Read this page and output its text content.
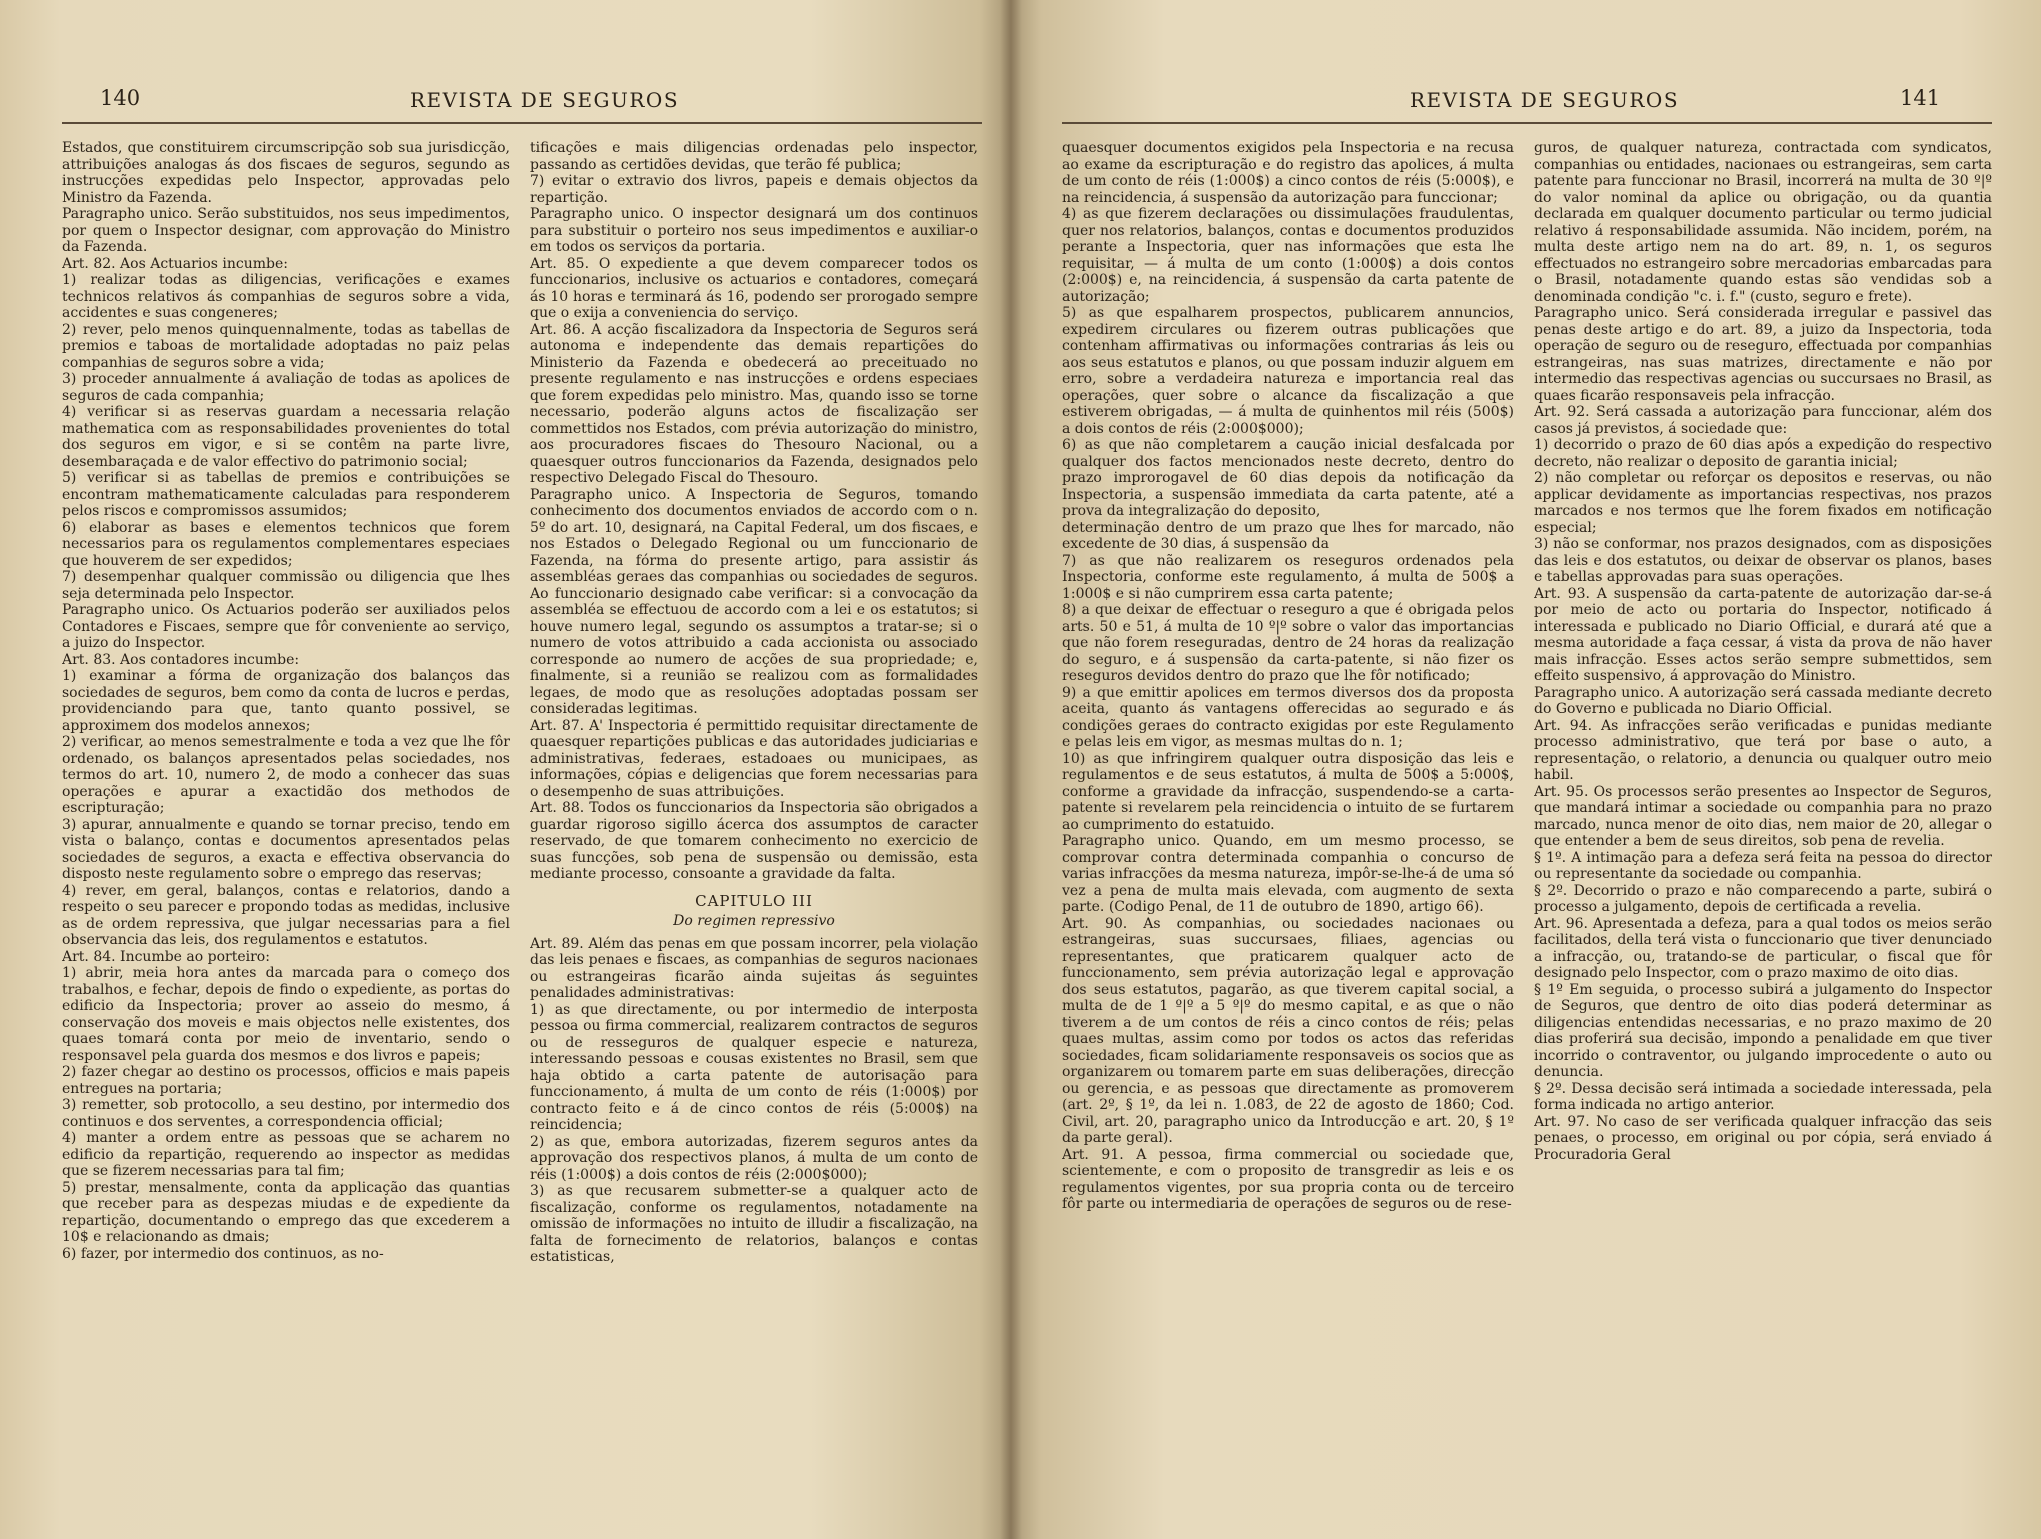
140	REVISTA DE SEGUROS

Estados, que constituirem circumscripção sob sua jurisdicção, attribuições analogas ás dos fiscaes de seguros, segundo as instrucções expedidas pelo Inspector, approvadas pelo Ministro da Fazenda.

Paragrapho unico. Serão substituidos, nos seus impedimentos, por quem o Inspector designar, com approvação do Ministro da Fazenda.

Art. 82. Aos Actuarios incumbe:

1) realizar todas as diligencias, verificações e exames technicos relativos ás companhias de seguros sobre a vida, accidentes e suas congeneres;

2) rever, pelo menos quinquennalmente, todas as tabellas de premios e taboas de mortalidade adoptadas no paiz pelas companhias de seguros sobre a vida;

3) proceder annualmente á avaliação de todas as apolices de seguros de cada companhia;

4) verificar si as reservas guardam a necessaria relação mathematica com as responsabilidades provenientes do total dos seguros em vigor, e si se contêm na parte livre, desembaraçada e de valor effectivo do patrimonio social;

5) verificar si as tabellas de premios e contribuições se encontram mathematicamente calculadas para responderem pelos riscos e compromissos assumidos;

6) elaborar as bases e elementos technicos que forem necessarios para os regulamentos complementares especiaes que houverem de ser expedidos;

7) desempenhar qualquer commissão ou diligencia que lhes seja determinada pelo Inspector.

Paragrapho unico. Os Actuarios poderão ser auxiliados pelos Contadores e Fiscaes, sempre que fôr conveniente ao serviço, a juizo do Inspector.

Art. 83. Aos contadores incumbe:

1) examinar a fórma de organização dos balanços das sociedades de seguros, bem como da conta de lucros e perdas, providenciando para que, tanto quanto possivel, se approximem dos modelos annexos;

2) verificar, ao menos semestralmente e toda a vez que lhe fôr ordenado, os balanços apresentados pelas sociedades, nos termos do art. 10, numero 2, de modo a conhecer das suas operações e apurar a exactidão dos methodos de escripturação;

3) apurar, annualmente e quando se tornar preciso, tendo em vista o balanço, contas e documentos apresentados pelas sociedades de seguros, a exacta e effectiva observancia do disposto neste regulamento sobre o emprego das reservas;

4) rever, em geral, balanços, contas e relatorios, dando a respeito o seu parecer e propondo todas as medidas, inclusive as de ordem repressiva, que julgar necessarias para a fiel observancia das leis, dos regulamentos e estatutos.

Art. 84. Incumbe ao porteiro:

1) abrir, meia hora antes da marcada para o começo dos trabalhos, e fechar, depois de findo o expediente, as portas do edificio da Inspectoria; prover ao asseio do mesmo, á conservação dos moveis e mais objectos nelle existentes, dos quaes tomará conta por meio de inventario, sendo o responsavel pela guarda dos mesmos e dos livros e papeis;

2) fazer chegar ao destino os processos, officios e mais papeis entregues na portaria;

3) remetter, sob protocollo, a seu destino, por intermedio dos continuos e dos serventes, a correspondencia official;

4) manter a ordem entre as pessoas que se acharem no edificio da repartição, requerendo ao inspector as medidas que se fizerem necessarias para tal fim;

5) prestar, mensalmente, conta da applicação das quantias que receber para as despezas miudas e de expediente da repartição, documentando o emprego das que excederem a 10$ e relacionando as dmais;

6) fazer, por intermedio dos continuos, as no-

tificações e mais diligencias ordenadas pelo inspector, passando as certidões devidas, que terão fé publica;

7) evitar o extravio dos livros, papeis e demais objectos da repartição.

Paragrapho unico. O inspector designará um dos continuos para substituir o porteiro nos seus impedimentos e auxiliar-o em todos os serviços da portaria.

Art. 85. O expediente a que devem comparecer todos os funccionarios, inclusive os actuarios e contadores, começará ás 10 horas e terminará ás 16, podendo ser prorogado sempre que o exija a conveniencia do serviço.

Art. 86. A acção fiscalizadora da Inspectoria de Seguros será autonoma e independente das demais repartições do Ministerio da Fazenda e obedecerá ao preceituado no presente regulamento e nas instrucções e ordens especiaes que forem expedidas pelo ministro. Mas, quando isso se torne necessario, poderão alguns actos de fiscalização ser commettidos nos Estados, com prévia autorização do ministro, aos procuradores fiscaes do Thesouro Nacional, ou a quaesquer outros funccionarios da Fazenda, designados pelo respectivo Delegado Fiscal do Thesouro.

Paragrapho unico. A Inspectoria de Seguros, tomando conhecimento dos documentos enviados de accordo com o n. 5º do art. 10, designará, na Capital Federal, um dos fiscaes, e nos Estados o Delegado Regional ou um funccionario de Fazenda, na fórma do presente artigo, para assistir ás assembléas geraes das companhias ou sociedades de seguros. Ao funccionario designado cabe verificar: si a convocação da assembléa se effectuou de accordo com a lei e os estatutos; si houve numero legal, segundo os assumptos a tratar-se; si o numero de votos attribuido a cada accionista ou associado corresponde ao numero de acções de sua propriedade; e, finalmente, si a reunião se realizou com as formalidades legaes, de modo que as resoluções adoptadas possam ser consideradas legitimas.

Art. 87. A' Inspectoria é permittido requisitar directamente de quaesquer repartições publicas e das autoridades judiciarias e administrativas, federaes, estadoaes ou municipaes, as informações, cópias e deligencias que forem necessarias para o desempenho de suas attribuições.

Art. 88. Todos os funccionarios da Inspectoria são obrigados a guardar rigoroso sigillo ácerca dos assumptos de caracter reservado, de que tomarem conhecimento no exercicio de suas funcções, sob pena de suspensão ou demissão, esta mediante processo, consoante a gravidade da falta.

CAPITULO III

Do regimen repressivo

Art. 89. Além das penas em que possam incorrer, pela violação das leis penaes e fiscaes, as companhias de seguros nacionaes ou estrangeiras ficarão ainda sujeitas ás seguintes penalidades administrativas:

1) as que directamente, ou por intermedio de interposta pessoa ou firma commercial, realizarem contractos de seguros ou de resseguros de qualquer especie e natureza, interessando pessoas e cousas existentes no Brasil, sem que haja obtido a carta patente de autorisação para funccionamento, á multa de um conto de réis (1:000$) por contracto feito e á de cinco contos de réis (5:000$) na reincidencia;

2) as que, embora autorizadas, fizerem seguros antes da approvação dos respectivos planos, á multa de um conto de réis (1:000$) a dois contos de réis (2:000$000);

3) as que recusarem submetter-se a qualquer acto de fiscalização, conforme os regulamentos, notadamente na omissão de informações no intuito de illudir a fiscalização, na falta de fornecimento de relatorios, balanços e contas estatisticas,

REVISTA DE SEGUROS	141

quaesquer documentos exigidos pela Inspectoria e na recusa ao exame da escripturação e do registro das apolices, á multa de um conto de réis (1:000$) a cinco contos de réis (5:000$), e na reincidencia, á suspensão da autorização para funccionar;

4) as que fizerem declarações ou dissimulações fraudulentas, quer nos relatorios, balanços, contas e documentos produzidos perante a Inspectoria, quer nas informações que esta lhe requisitar, — á multa de um conto (1:000$) a dois contos (2:000$) e, na reincidencia, á suspensão da carta patente de autorização;

5) as que espalharem prospectos, publicarem annuncios, expedirem circulares ou fizerem outras publicações que contenham affirmativas ou informações contrarias ás leis ou aos seus estatutos e planos, ou que possam induzir alguem em erro, sobre a verdadeira natureza e importancia real das operações, quer sobre o alcance da fiscalização a que estiverem obrigadas, — á multa de quinhentos mil réis (500$) a dois contos de réis (2:000$000);

6) as que não completarem a caução inicial desfalcada por qualquer dos factos mencionados neste decreto, dentro do prazo improrogavel de 60 dias depois da notificação da Inspectoria, a suspensão immediata da carta patente, até a prova da integralização do deposito,

determinação dentro de um prazo que lhes for marcado, não excedente de 30 dias, á suspensão da

7) as que não realizarem os reseguros ordenados pela Inspectoria, conforme este regulamento, á multa de 500$ a 1:000$ e si não cumprirem essa carta patente;

8) a que deixar de effectuar o reseguro a que é obrigada pelos arts. 50 e 51, á multa de 10 º|º sobre o valor das importancias que não forem reseguradas, dentro de 24 horas da realização do seguro, e á suspensão da carta-patente, si não fizer os reseguros devidos dentro do prazo que lhe fôr notificado;

9) a que emittir apolices em termos diversos dos da proposta aceita, quanto ás vantagens offerecidas ao segurado e ás condições geraes do contracto exigidas por este Regulamento e pelas leis em vigor, as mesmas multas do n. 1;

10) as que infringirem qualquer outra disposição das leis e regulamentos e de seus estatutos, á multa de 500$ a 5:000$, conforme a gravidade da infracção, suspendendo-se a carta-patente si revelarem pela reincidencia o intuito de se furtarem ao cumprimento do estatuido.

Paragrapho unico. Quando, em um mesmo processo, se comprovar contra determinada companhia o concurso de varias infracções da mesma natureza, impôr-se-lhe-á de uma só vez a pena de multa mais elevada, com augmento de sexta parte. (Codigo Penal, de 11 de outubro de 1890, artigo 66).

Art. 90. As companhias, ou sociedades nacionaes ou estrangeiras, suas succursaes, filiaes, agencias ou representantes, que praticarem qualquer acto de funccionamento, sem prévia autorização legal e approvação dos seus estatutos, pagarão, as que tiverem capital social, a multa de de 1 º|º a 5 º|º do mesmo capital, e as que o não tiverem a de um contos de réis a cinco contos de réis; pelas quaes multas, assim como por todos os actos das referidas sociedades, ficam solidariamente responsaveis os socios que as organizarem ou tomarem parte em suas deliberações, direcção ou gerencia, e as pessoas que directamente as promoverem (art. 2º, § 1º, da lei n. 1.083, de 22 de agosto de 1860; Cod. Civil, art. 20, paragrapho unico da Introducção e art. 20, § 1º da parte geral).

Art. 91. A pessoa, firma commercial ou sociedade que, scientemente, e com o proposito de transgredir as leis e os regulamentos vigentes, por sua propria conta ou de terceiro fôr parte ou intermediaria de operações de seguros ou de rese-

guros, de qualquer natureza, contractada com syndicatos, companhias ou entidades, nacionaes ou estrangeiras, sem carta patente para funccionar no Brasil, incorrerá na multa de 30 º|º do valor nominal da aplice ou obrigação, ou da quantia declarada em qualquer documento particular ou termo judicial relativo á responsabilidade assumida. Não incidem, porém, na multa deste artigo nem na do art. 89, n. 1, os seguros effectuados no estrangeiro sobre mercadorias embarcadas para o Brasil, notadamente quando estas são vendidas sob a denominada condição "c. i. f." (custo, seguro e frete).

Paragrapho unico. Será considerada irregular e passivel das penas deste artigo e do art. 89, a juizo da Inspectoria, toda operação de seguro ou de reseguro, effectuada por companhias estrangeiras, nas suas matrizes, directamente e não por intermedio das respectivas agencias ou succursaes no Brasil, as quaes ficarão responsaveis pela infracção.

Art. 92. Será cassada a autorização para funccionar, além dos casos já previstos, á sociedade que:

1) decorrido o prazo de 60 dias após a expedição do respectivo decreto, não realizar o deposito de garantia inicial;

2) não completar ou reforçar os depositos e reservas, ou não applicar devidamente as importancias respectivas, nos prazos marcados e nos termos que lhe forem fixados em notificação especial;

3) não se conformar, nos prazos designados, com as disposições das leis e dos estatutos, ou deixar de observar os planos, bases e tabellas approvadas para suas operações.

Art. 93. A suspensão da carta-patente de autorização dar-se-á por meio de acto ou portaria do Inspector, notificado á interessada e publicado no Diario Official, e durará até que a mesma autoridade a faça cessar, á vista da prova de não haver mais infracção. Esses actos serão sempre submettidos, sem effeito suspensivo, á approvação do Ministro.

Paragrapho unico. A autorização será cassada mediante decreto do Governo e publicada no Diario Official.

Art. 94. As infracções serão verificadas e punidas mediante processo administrativo, que terá por base o auto, a representação, o relatorio, a denuncia ou qualquer outro meio habil.

Art. 95. Os processos serão presentes ao Inspector de Seguros, que mandará intimar a sociedade ou companhia para no prazo marcado, nunca menor de oito dias, nem maior de 20, allegar o que entender a bem de seus direitos, sob pena de revelia.

§ 1º. A intimação para a defeza será feita na pessoa do director ou representante da sociedade ou companhia.

§ 2º. Decorrido o prazo e não comparecendo a parte, subirá o processo a julgamento, depois de certificada a revelia.

Art. 96. Apresentada a defeza, para a qual todos os meios serão facilitados, della terá vista o funccionario que tiver denunciado a infracção, ou, tratando-se de particular, o fiscal que fôr designado pelo Inspector, com o prazo maximo de oito dias.

§ 1º Em seguida, o processo subirá a julgamento do Inspector de Seguros, que dentro de oito dias poderá determinar as diligencias entendidas necessarias, e no prazo maximo de 20 dias proferirá sua decisão, impondo a penalidade em que tiver incorrido o contraventor, ou julgando improcedente o auto ou denuncia.

§ 2º. Dessa decisão será intimada a sociedade interessada, pela forma indicada no artigo anterior.

Art. 97. No caso de ser verificada qualquer infracção das seis penaes, o processo, em original ou por cópia, será enviado á Procuradoria Geral
